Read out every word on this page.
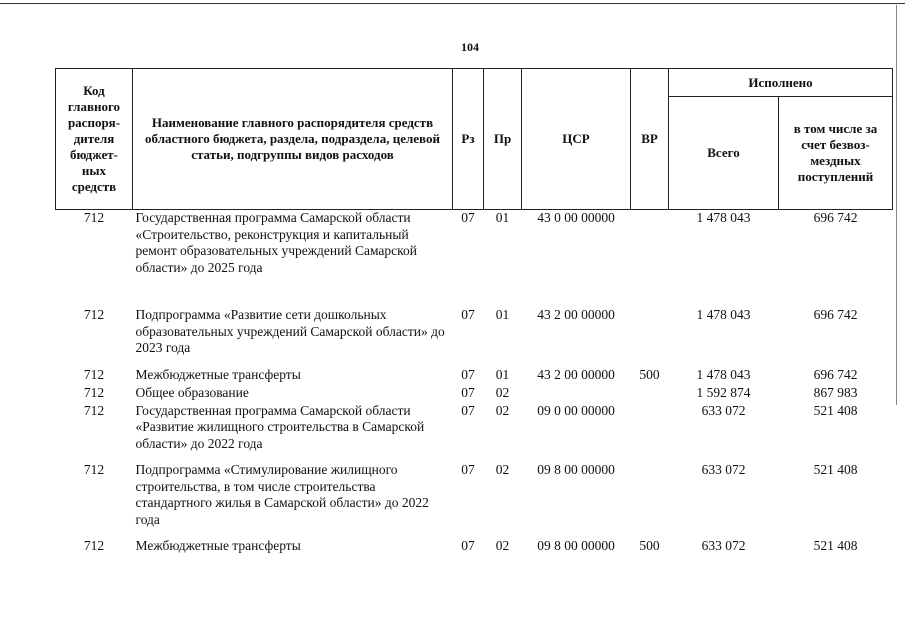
104
Код главного распоря-дителя бюджет-ных средств	Наименование главного распорядителя средств областного бюджета, раздела, подраздела, целевой статьи, подгруппы видов расходов	Рз	Пр	ЦСР	ВР	Исполнено	
						Всего	в том числе за счет безвоз-мездных поступлений
712	Государственная программа Самарской области «Строительство, реконструкция и капитальный ремонт образовательных учреждений Самарской области» до 2025 года	07	01	43 0 00 00000		1 478 043	696 742

712	Подпрограмма «Развитие сети дошкольных образовательных учреждений Самарской области» до 2023 года	07	01	43 2 00 00000		1 478 043	696 742

712	Межбюджетные трансферты	07	01	43 2 00 00000	500	1 478 043	696 742
712	Общее образование	07	02			1 592 874	867 983
712	Государственная программа Самарской области «Развитие жилищного строительства в Самарской области» до 2022 года	07	02	09 0 00 00000		633 072	521 408

712	Подпрограмма «Стимулирование жилищного строительства, в том числе строительства стандартного жилья в Самарской области» до 2022 года	07	02	09 8 00 00000		633 072	521 408

712	Межбюджетные трансферты	07	02	09 8 00 00000	500	633 072	521 408
